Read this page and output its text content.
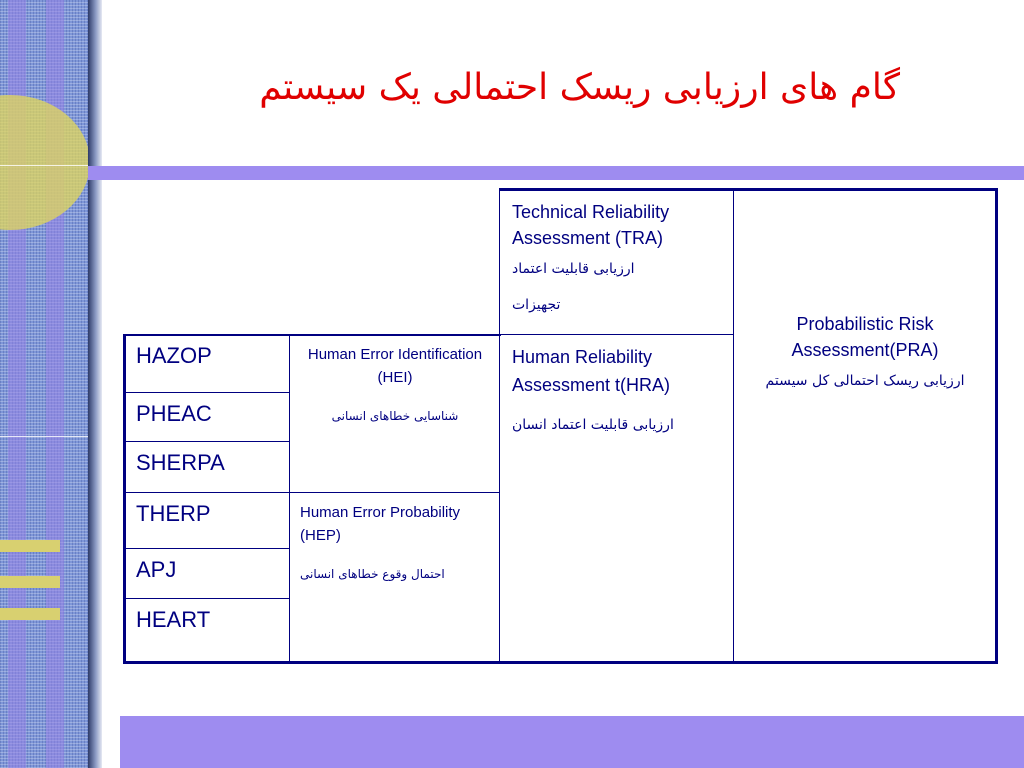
گام های ارزیابی ریسک احتمالی یک سیستم
Technical Reliability Assessment (TRA)
ارزیابی قابلیت اعتماد
تجهیزات
Probabilistic Risk Assessment(PRA)
ارزیابی ریسک احتمالی کل سیستم
Human Reliability Assessment t(HRA)
ارزیابی قابلیت اعتماد انسان
Human Error Identification (HEI)
شناسایی خطاهای انسانی
Human Error Probability (HEP)
احتمال وقوع خطاهای انسانی
HAZOP
PHEAC
SHERPA
THERP
APJ
HEART
